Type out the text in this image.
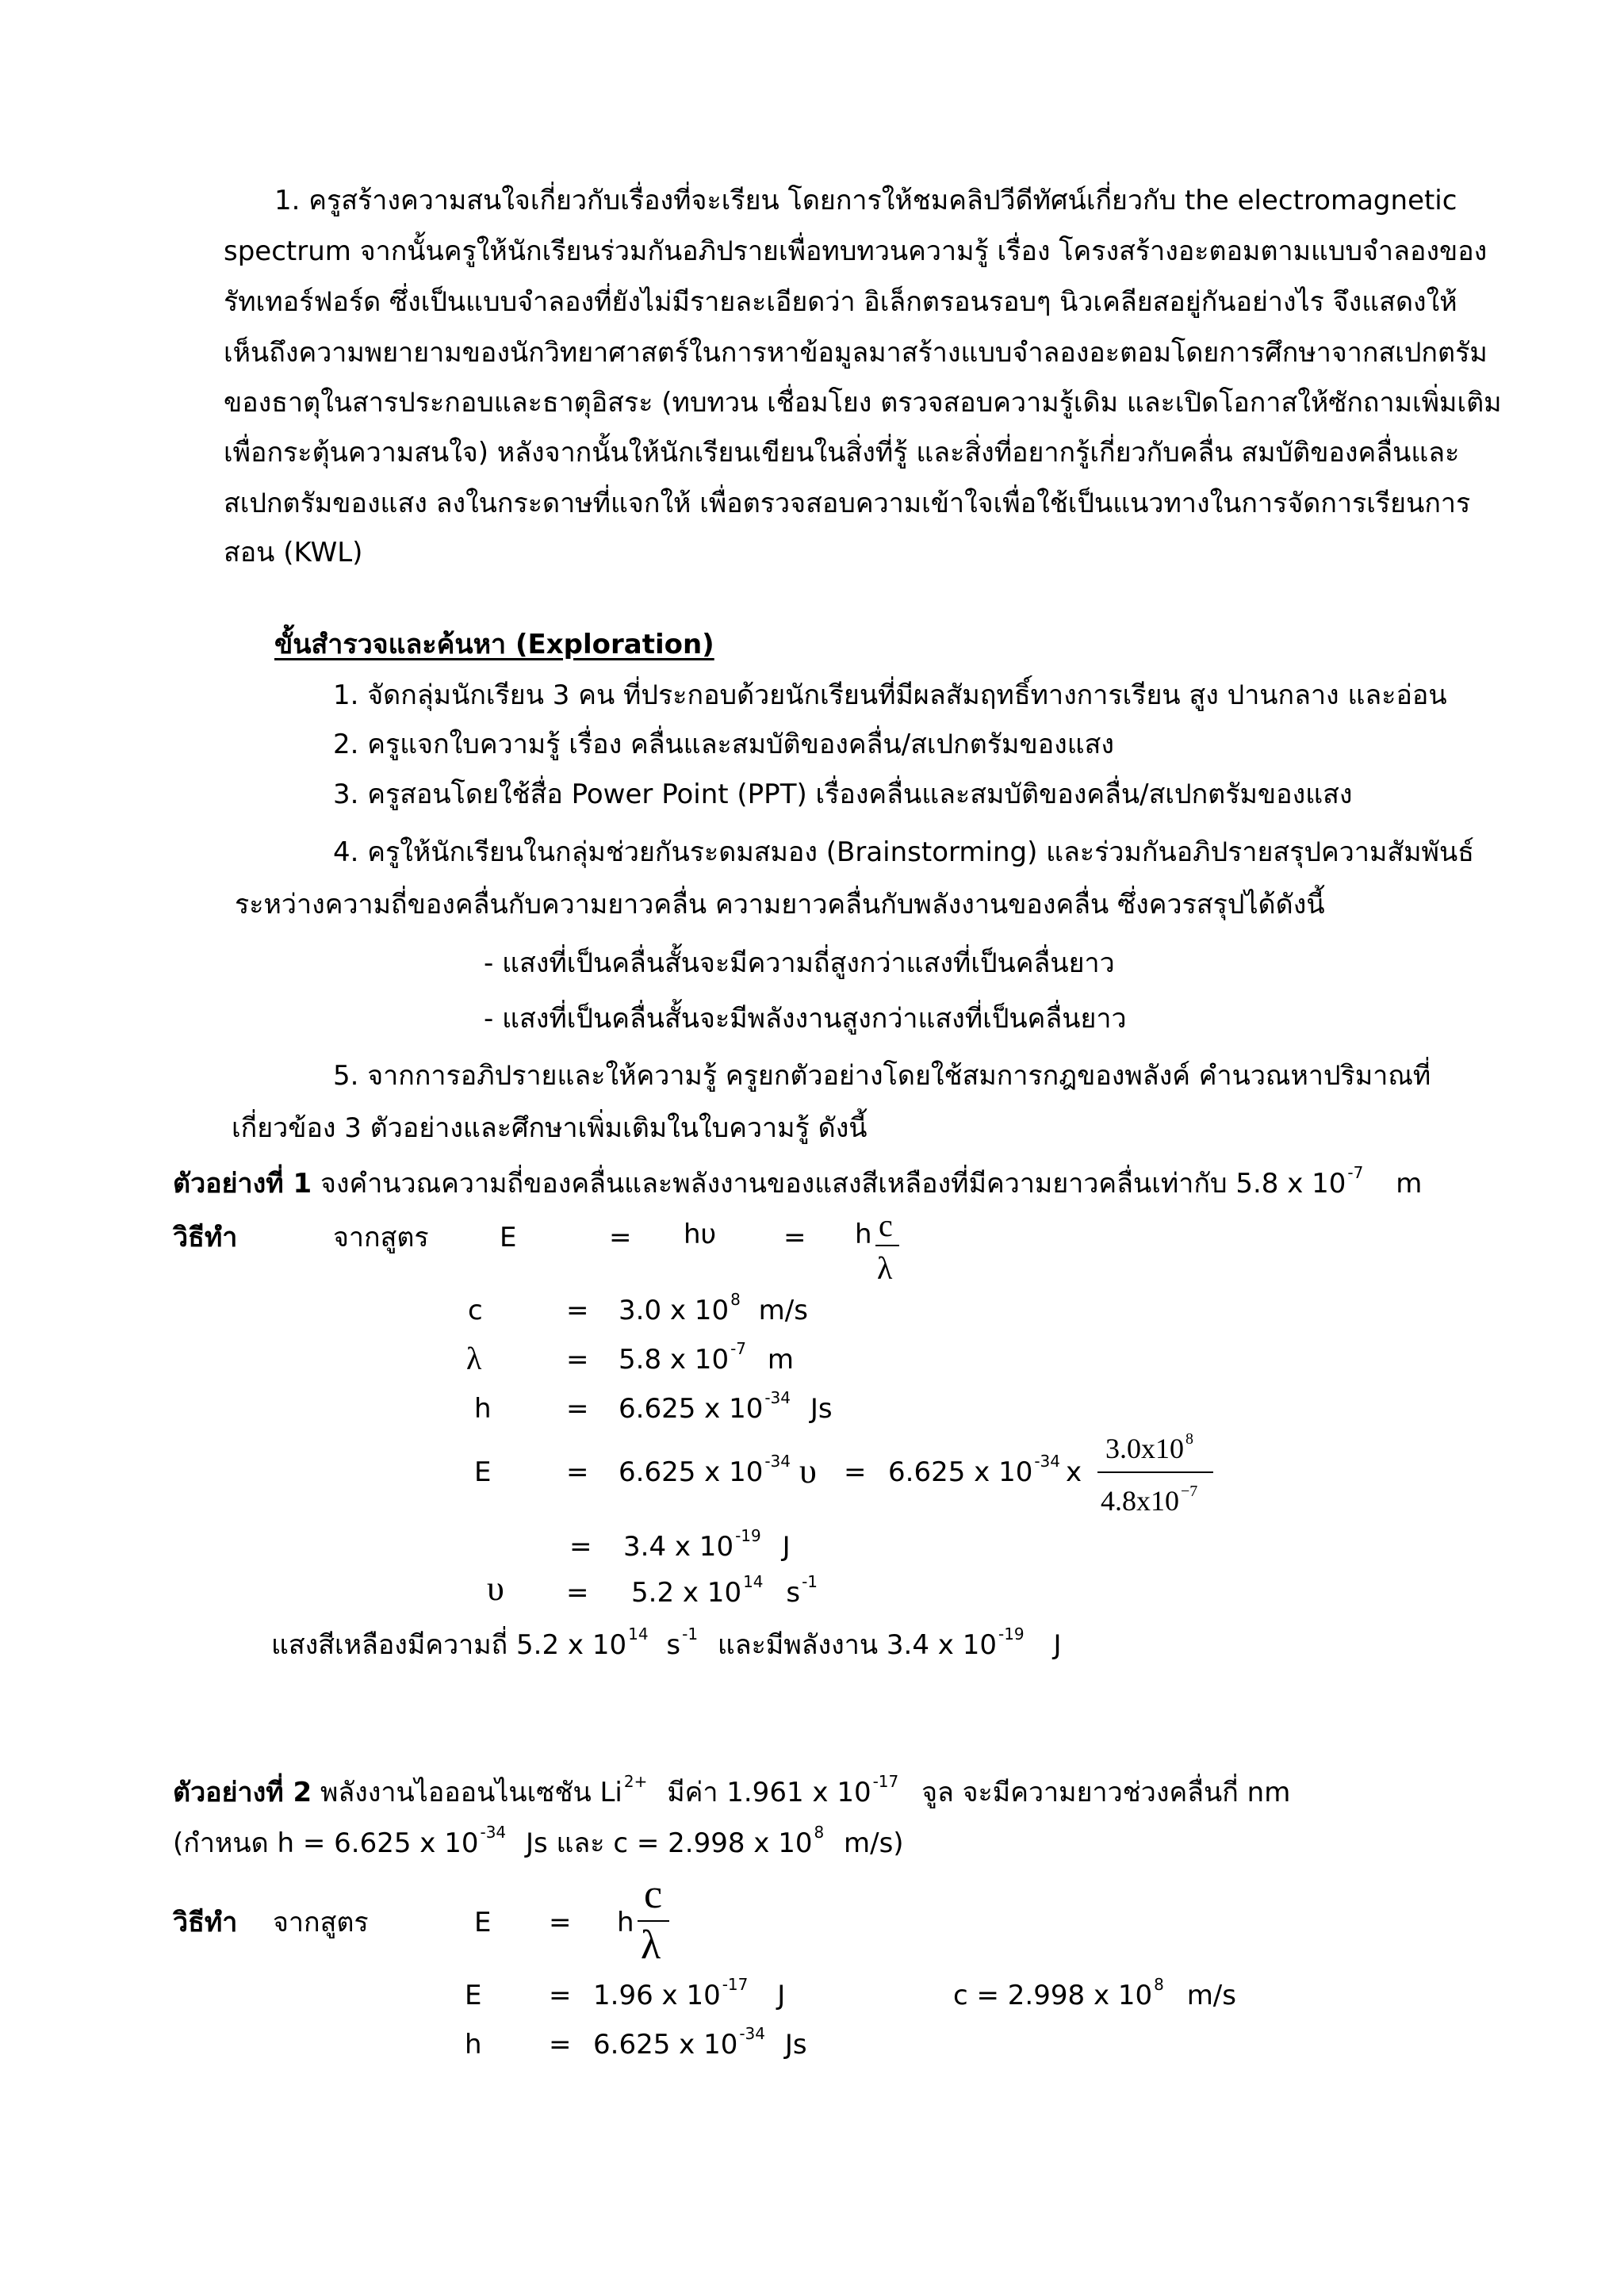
1. ครูสร้างความสนใจเกี่ยวกับเรื่องที่จะเรียน โดยการให้ชมคลิปวีดีทัศน์เกี่ยวกับ the electromagnetic
spectrum จากนั้นครูให้นักเรียนร่วมกันอภิปรายเพื่อทบทวนความรู้ เรื่อง โครงสร้างอะตอมตามแบบจำลองของ
รัทเทอร์ฟอร์ด ซึ่งเป็นแบบจำลองที่ยังไม่มีรายละเอียดว่า อิเล็กตรอนรอบๆ นิวเคลียสอยู่กันอย่างไร จึงแสดงให้
เห็นถึงความพยายามของนักวิทยาศาสตร์ในการหาข้อมูลมาสร้างแบบจำลองอะตอมโดยการศึกษาจากสเปกตรัม
ของธาตุในสารประกอบและธาตุอิสระ (ทบทวน เชื่อมโยง ตรวจสอบความรู้เดิม และเปิดโอกาสให้ซักถามเพิ่มเติม
เพื่อกระตุ้นความสนใจ) หลังจากนั้นให้นักเรียนเขียนในสิ่งที่รู้ และสิ่งที่อยากรู้เกี่ยวกับคลื่น สมบัติของคลื่นและ
สเปกตรัมของแสง ลงในกระดาษที่แจกให้ เพื่อตรวจสอบความเข้าใจเพื่อใช้เป็นแนวทางในการจัดการเรียนการ
สอน (KWL)
ขั้นสำรวจและค้นหา (Exploration)
1. จัดกลุ่มนักเรียน 3 คน ที่ประกอบด้วยนักเรียนที่มีผลสัมฤทธิ์ทางการเรียน สูง ปานกลาง และอ่อน
2. ครูแจกใบความรู้ เรื่อง คลื่นและสมบัติของคลื่น/สเปกตรัมของแสง
3. ครูสอนโดยใช้สื่อ Power Point (PPT) เรื่องคลื่นและสมบัติของคลื่น/สเปกตรัมของแสง
4. ครูให้นักเรียนในกลุ่มช่วยกันระดมสมอง (Brainstorming) และร่วมกันอภิปรายสรุปความสัมพันธ์
ระหว่างความถี่ของคลื่นกับความยาวคลื่น ความยาวคลื่นกับพลังงานของคลื่น ซึ่งควรสรุปได้ดังนี้
- แสงที่เป็นคลื่นสั้นจะมีความถี่สูงกว่าแสงที่เป็นคลื่นยาว
- แสงที่เป็นคลื่นสั้นจะมีพลังงานสูงกว่าแสงที่เป็นคลื่นยาว
5. จากการอภิปรายและให้ความรู้ ครูยกตัวอย่างโดยใช้สมการกฎของพลังค์ คำนวณหาปริมาณที่
เกี่ยวข้อง 3 ตัวอย่างและศึกษาเพิ่มเติมในใบความรู้ ดังนี้
ตัวอย่างที่ 1 จงคำนวณความถี่ของคลื่นและพลังงานของแสงสีเหลืองที่มีความยาวคลื่นเท่ากับ 5.8 x 10 $^{-7}$ m
วิธีทำ	จากสูตร	E	= hυ = h c
λ
c	= 3.0 x 10 $^8$ m/s
λ	= 5.8 x 10 $^{-7}$ m
h	= 6.625 x 10 $^{-34}$ Js
E	= 6.625 x 10 $^{-34}$ υ = 6.625 x 10 $^{-34}$ x
3.0x10 $^8$
4.8x10 $^{-7}$
= 3.4 x 10 $^{-19}$ J
υ = 5.2 x 10 $^{14}$ s $^{-1}$
แสงสีเหลืองมีความถี่ 5.2 x 10 $^{14}$ s $^{-1}$ และมีพลังงาน 3.4 x 10 $^{-19}$ J
ตัวอย่างที่ 2 พลังงานไอออนไนเซชัน Li $^{2+}$ มีค่า 1.961 x 10 $^{-17}$ จูล จะมีความยาวช่วงคลื่นกี่ nm
(กำหนด h = 6.625 x 10 $^{-34}$ Js และ c = 2.998 x 10 $^8$ m/s)
วิธีทำ จากสูตร	E = h
c
λ
E = 1.96 x 10 $^{-17}$ J	c = 2.998 x 10 $^8$ m/s
h = 6.625 x 10 $^{-34}$ Js
